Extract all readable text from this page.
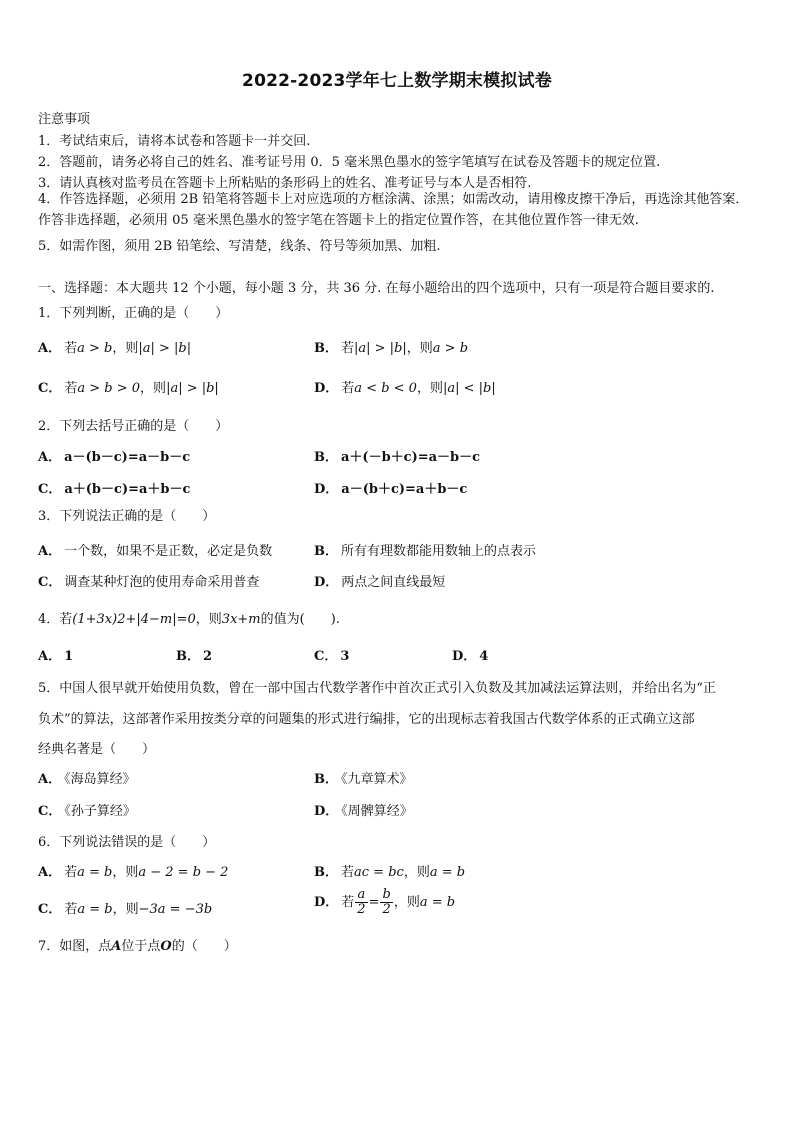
2022-2023学年七上数学期末模拟试卷
注意事项
1．考试结束后，请将本试卷和答题卡一并交回.
2．答题前，请务必将自己的姓名、准考证号用 0．5 毫米黑色墨水的签字笔填写在试卷及答题卡的规定位置.
3．请认真核对监考员在答题卡上所粘贴的条形码上的姓名、准考证号与本人是否相符.
4．作答选择题，必须用 2B 铅笔将答题卡上对应选项的方框涂满、涂黑；如需改动，请用橡皮擦干净后，再选涂其他答案．作答非选择题，必须用 05 毫米黑色墨水的签字笔在答题卡上的指定位置作答，在其他位置作答一律无效.
5．如需作图，须用 2B 铅笔绘、写清楚，线条、符号等须加黑、加粗.
一、选择题：本大题共 12 个小题，每小题 3 分，共 36 分. 在每小题给出的四个选项中，只有一项是符合题目要求的.
1．下列判断，正确的是（　　）
A． 若a > b，则|a| > |b|	B． 若|a| > |b|，则a > b
C． 若a > b > 0，则|a| > |b|	D． 若a < b < 0，则|a| < |b|
2．下列去括号正确的是（　　）
A． a－(b－c)=a－b－c	B． a＋(－b＋c)=a－b－c
C． a＋(b－c)=a＋b－c	D． a－(b＋c)=a＋b－c
3．下列说法正确的是（　　）
A． 一个数，如果不是正数，必定是负数	B． 所有有理数都能用数轴上的点表示
C． 调查某种灯泡的使用寿命采用普查	D． 两点之间直线最短
4．若(1+3x)2+|4−m|=0，则3x+m的值为(　　).
A． 1	B． 2	C． 3	D． 4
5．中国人很早就开始使用负数，曾在一部中国古代数学著作中首次正式引入负数及其加减法运算法则，并给出名为“正
负术”的算法，这部著作采用按类分章的问题集的形式进行编排，它的出现标志着我国古代数学体系的正式确立这部
经典名著是（　　）
A． 《海岛算经》	B． 《九章算术》
C． 《孙子算经》	D． 《周髀算经》
6．下列说法错误的是（　　）
A． 若a = b，则a − 2 = b − 2	B． 若ac = bc，则a = b
C． 若a = b，则−3a = −3b	D． 若 $\frac{a}{2} = \frac{b}{2}$ ，则a = b
7．如图，点A位于点O的（　　）
